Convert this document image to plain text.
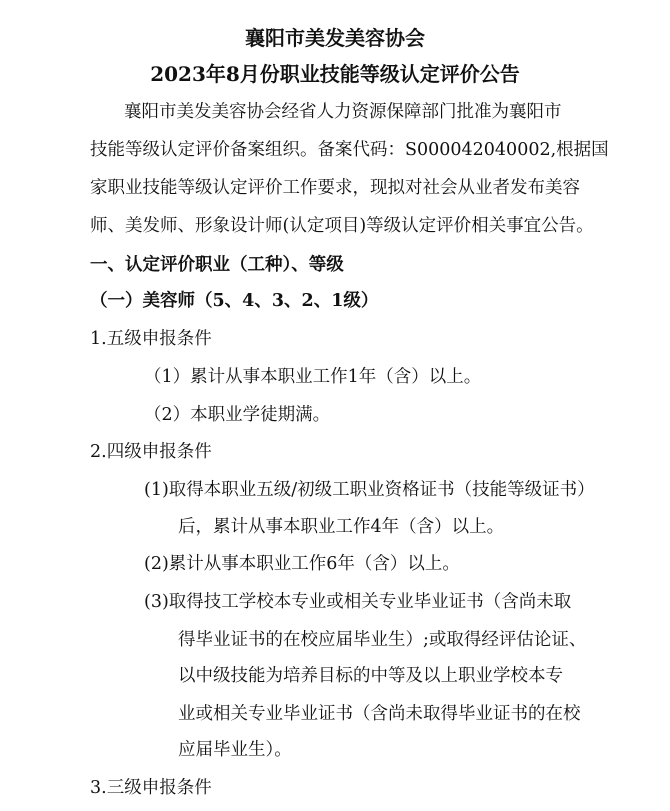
襄阳市美发美容协会
2023年8月份职业技能等级认定评价公告
襄阳市美发美容协会经省人力资源保障部门批准为襄阳市
技能等级认定评价备案组织。备案代码：S000042040002,根据国
家职业技能等级认定评价工作要求，现拟对社会从业者发布美容
师、美发师、形象设计师(认定项目)等级认定评价相关事宜公告。
一、认定评价职业（工种）、等级
（一）美容师（5、4、3、2、1级）
1.五级申报条件
（1）累计从事本职业工作1年（含）以上。
（2）本职业学徒期满。
2.四级申报条件
(1)取得本职业五级/初级工职业资格证书（技能等级证书）
后，累计从事本职业工作4年（含）以上。
(2)累计从事本职业工作6年（含）以上。
(3)取得技工学校本专业或相关专业毕业证书（含尚未取
得毕业证书的在校应届毕业生）;或取得经评估论证、
以中级技能为培养目标的中等及以上职业学校本专
业或相关专业毕业证书（含尚未取得毕业证书的在校
应届毕业生）。
3.三级申报条件
